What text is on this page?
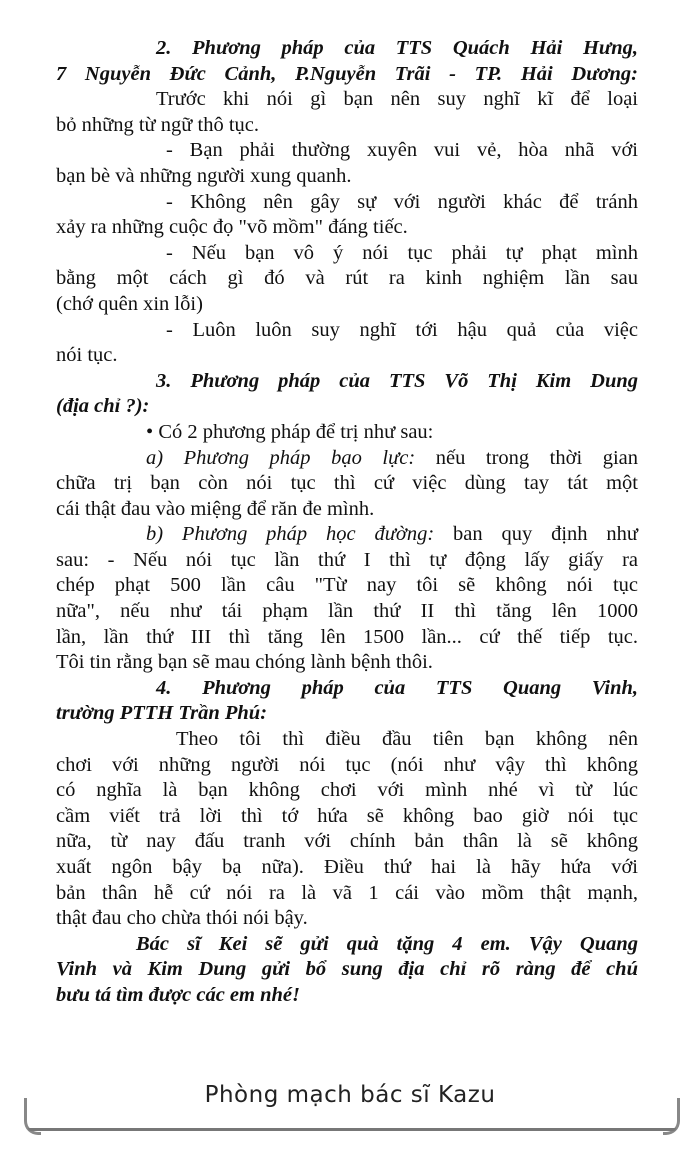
2. Phương pháp của TTS Quách Hải Hưng,
7 Nguyễn Đức Cảnh, P.Nguyễn Trãi - TP. Hải Dương:
Trước khi nói gì bạn nên suy nghĩ kĩ để loại
bỏ những từ ngữ thô tục.
- Bạn phải thường xuyên vui vẻ, hòa nhã với
bạn bè và những người xung quanh.
- Không nên gây sự với người khác để tránh
xảy ra những cuộc đọ "võ mồm" đáng tiếc.
- Nếu bạn vô ý nói tục phải tự phạt mình
bằng một cách gì đó và rút ra kinh nghiệm lần sau
(chớ quên xin lỗi)
- Luôn luôn suy nghĩ tới hậu quả của việc
nói tục.
3. Phương pháp của TTS Võ Thị Kim Dung
(địa chỉ ?):
• Có 2 phương pháp để trị như sau:
a) Phương pháp bạo lực: nếu trong thời gian
chữa trị bạn còn nói tục thì cứ việc dùng tay tát một
cái thật đau vào miệng để răn đe mình.
b) Phương pháp học đường: ban quy định như
sau: - Nếu nói tục lần thứ I thì tự động lấy giấy ra
chép phạt 500 lần câu "Từ nay tôi sẽ không nói tục
nữa", nếu như tái phạm lần thứ II thì tăng lên 1000
lần, lần thứ III thì tăng lên 1500 lần... cứ thế tiếp tục.
Tôi tin rằng bạn sẽ mau chóng lành bệnh thôi.
4. Phương pháp của TTS Quang Vinh,
trường PTTH Trần Phú:
Theo tôi thì điều đầu tiên bạn không nên
chơi với những người nói tục (nói như vậy thì không
có nghĩa là bạn không chơi với mình nhé vì từ lúc
cầm viết trả lời thì tớ hứa sẽ không bao giờ nói tục
nữa, từ nay đấu tranh với chính bản thân là sẽ không
xuất ngôn bậy bạ nữa). Điều thứ hai là hãy hứa với
bản thân hễ cứ nói ra là vã 1 cái vào mồm thật mạnh,
thật đau cho chừa thói nói bậy.
Bác sĩ Kei sẽ gửi quà tặng 4 em. Vậy Quang
Vinh và Kim Dung gửi bổ sung địa chỉ rõ ràng để chú
bưu tá tìm được các em nhé!
Phòng mạch bác sĩ Kazu
